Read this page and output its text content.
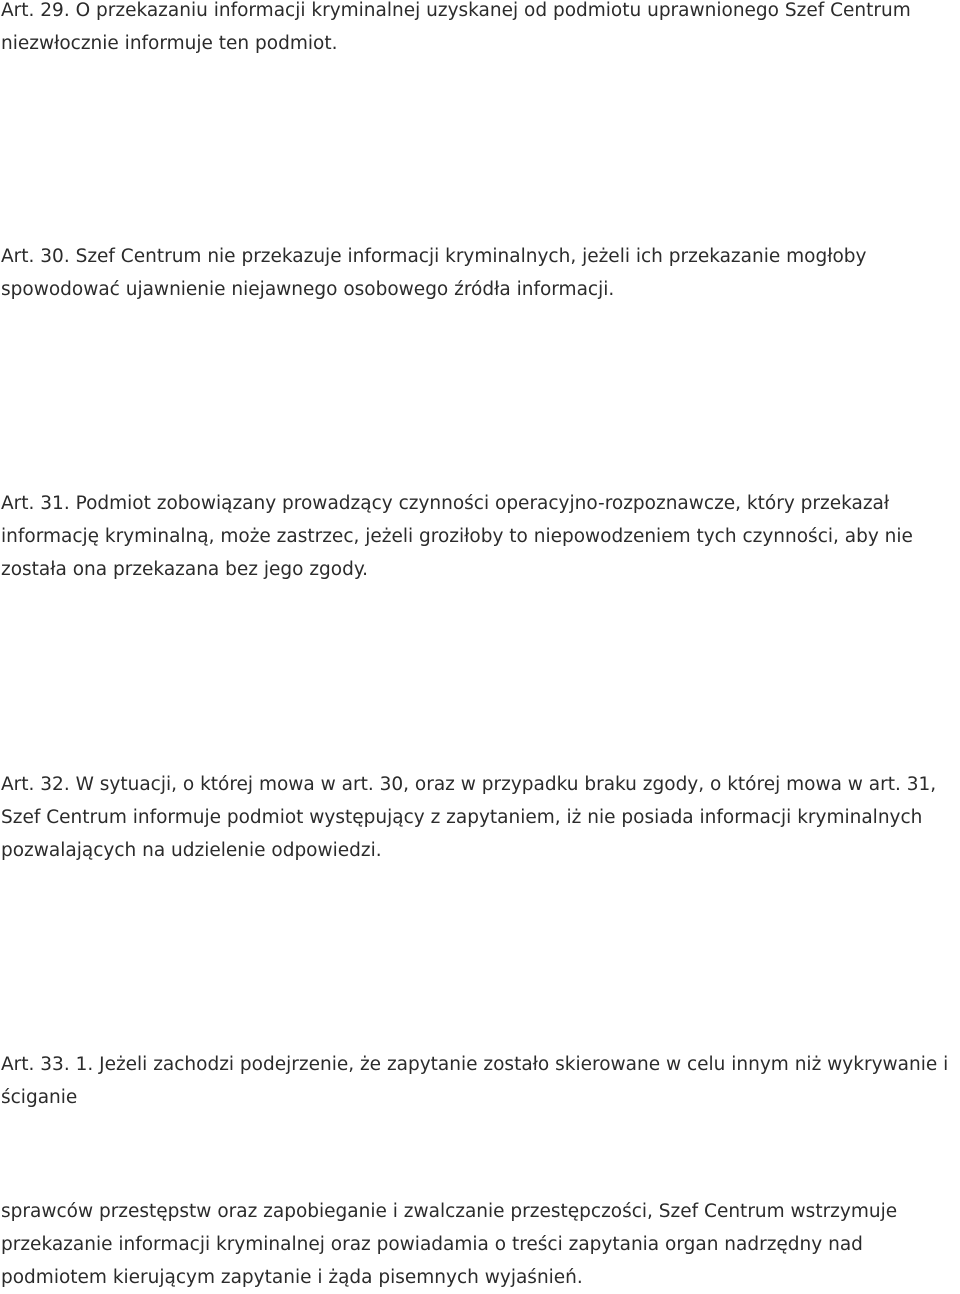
Art. 29. O przekazaniu informacji kryminalnej uzyskanej od podmiotu uprawnionego Szef Centrum
niezwłocznie informuje ten podmiot.

Art. 30. Szef Centrum nie przekazuje informacji kryminalnych, jeżeli ich przekazanie mogłoby
spowodować ujawnienie niejawnego osobowego źródła informacji.

Art. 31. Podmiot zobowiązany prowadzący czynności operacyjno-rozpoznawcze, który przekazał
informację kryminalną, może zastrzec, jeżeli groziłoby to niepowodzeniem tych czynności, aby nie
została ona przekazana bez jego zgody.

Art. 32. W sytuacji, o której mowa w art. 30, oraz w przypadku braku zgody, o której mowa w art. 31,
Szef Centrum informuje podmiot występujący z zapytaniem, iż nie posiada informacji kryminalnych
pozwalających na udzielenie odpowiedzi.

Art. 33. 1. Jeżeli zachodzi podejrzenie, że zapytanie zostało skierowane w celu innym niż wykrywanie i
ściganie

sprawców przestępstw oraz zapobieganie i zwalczanie przestępczości, Szef Centrum wstrzymuje
przekazanie informacji kryminalnej oraz powiadamia o treści zapytania organ nadrzędny nad
podmiotem kierującym zapytanie i żąda pisemnych wyjaśnień.
